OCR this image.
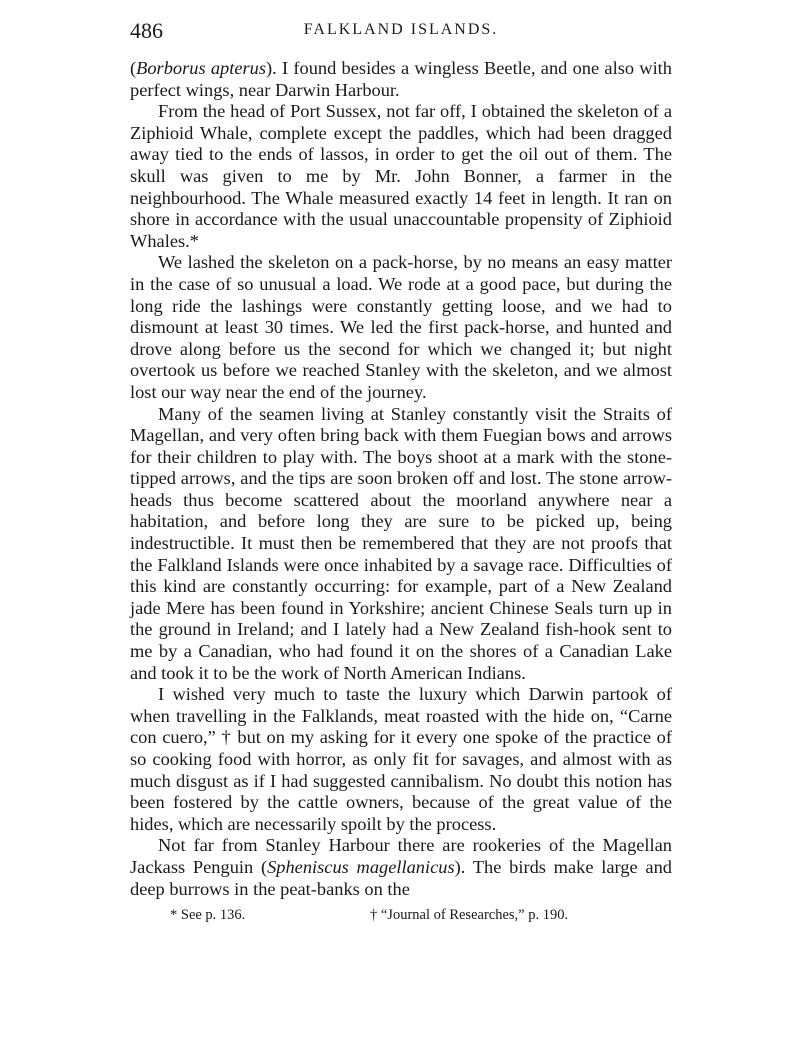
486	FALKLAND ISLANDS.

(Borborus apterus). I found besides a wingless Beetle, and one also with perfect wings, near Darwin Harbour.

From the head of Port Sussex, not far off, I obtained the skeleton of a Ziphioid Whale, complete except the paddles, which had been dragged away tied to the ends of lassos, in order to get the oil out of them. The skull was given to me by Mr. John Bonner, a farmer in the neighbourhood. The Whale measured exactly 14 feet in length. It ran on shore in accordance with the usual unaccountable propensity of Ziphioid Whales.*

We lashed the skeleton on a pack-horse, by no means an easy matter in the case of so unusual a load. We rode at a good pace, but during the long ride the lashings were constantly getting loose, and we had to dismount at least 30 times. We led the first pack-horse, and hunted and drove along before us the second for which we changed it; but night overtook us before we reached Stanley with the skeleton, and we almost lost our way near the end of the journey.

Many of the seamen living at Stanley constantly visit the Straits of Magellan, and very often bring back with them Fuegian bows and arrows for their children to play with. The boys shoot at a mark with the stone-tipped arrows, and the tips are soon broken off and lost. The stone arrow-heads thus become scattered about the moorland anywhere near a habitation, and before long they are sure to be picked up, being indestructible. It must then be remembered that they are not proofs that the Falkland Islands were once inhabited by a savage race. Difficulties of this kind are constantly occurring: for example, part of a New Zealand jade Mere has been found in Yorkshire; ancient Chinese Seals turn up in the ground in Ireland; and I lately had a New Zealand fish-hook sent to me by a Canadian, who had found it on the shores of a Canadian Lake and took it to be the work of North American Indians.

I wished very much to taste the luxury which Darwin partook of when travelling in the Falklands, meat roasted with the hide on, “Carne con cuero,” † but on my asking for it every one spoke of the practice of so cooking food with horror, as only fit for savages, and almost with as much disgust as if I had suggested cannibalism. No doubt this notion has been fostered by the cattle owners, because of the great value of the hides, which are necessarily spoilt by the process.

Not far from Stanley Harbour there are rookeries of the Magellan Jackass Penguin (Spheniscus magellanicus). The birds make large and deep burrows in the peat-banks on the

* See p. 136.	† “Journal of Researches,” p. 190.
